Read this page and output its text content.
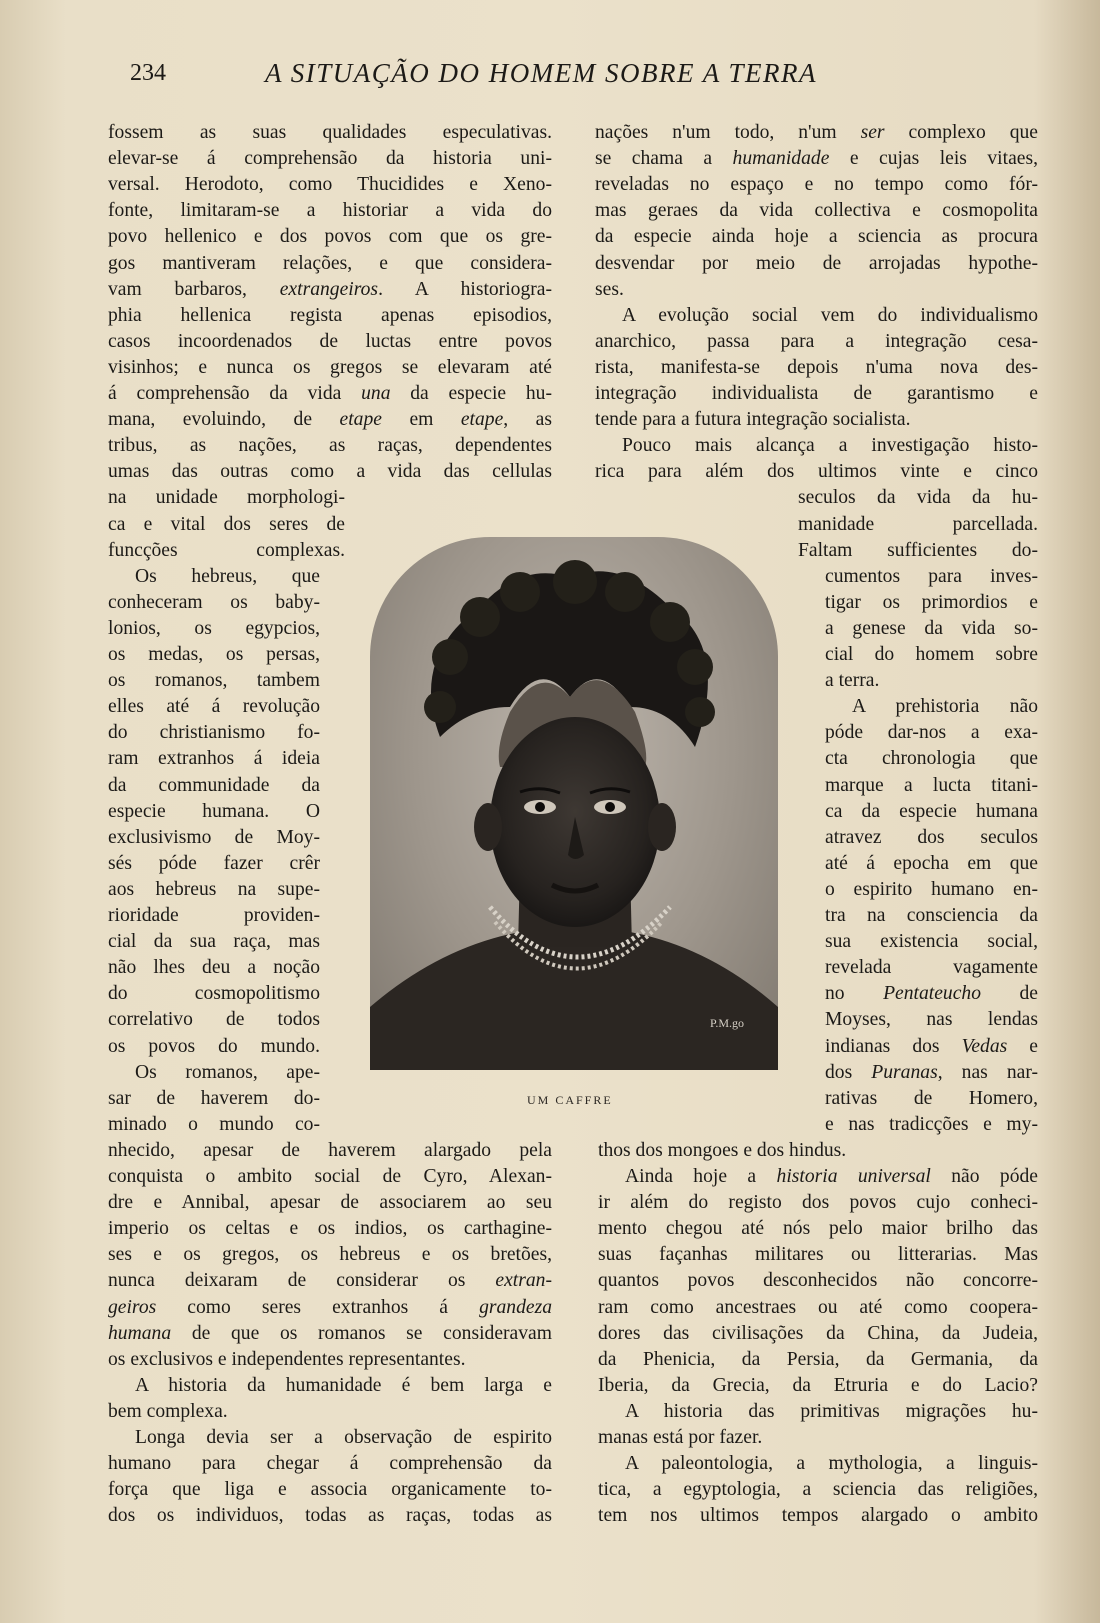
234	A SITUAÇÃO DO HOMEM SOBRE A TERRA
fossem as suas qualidades especulativas.
elevar-se á comprehensão da historia uni-
versal. Herodoto, como Thucidides e Xeno-
fonte, limitaram-se a historiar a vida do
povo hellenico e dos povos com que os gre-
gos mantiveram relações, e que considera-
vam barbaros, extrangeiros. A historiogra-
phia hellenica regista apenas episodios,
casos incoordenados de luctas entre povos
visinhos; e nunca os gregos se elevaram até
á comprehensão da vida una da especie hu-
mana, evoluindo, de etape em etape, as
tribus, as nações, as raças, dependentes
umas das outras como a vida das cellulas
na unidade morphologi-
ca e vital dos seres de
funcções complexas.
Os hebreus, que
conheceram os baby-
lonios, os egypcios,
os medas, os persas,
os romanos, tambem
elles até á revolução
do christianismo fo-
ram extranhos á ideia
da communidade da
especie humana. O
exclusivismo de Moy-
sés póde fazer crêr
aos hebreus na supe-
rioridade providen-
cial da sua raça, mas
não lhes deu a noção
do cosmopolitismo
correlativo de todos
os povos do mundo.
Os romanos, ape-
sar de haverem do-
minado o mundo co-
nhecido, apesar de haverem alargado pela
conquista o ambito social de Cyro, Alexan-
dre e Annibal, apesar de associarem ao seu
imperio os celtas e os indios, os carthagine-
ses e os gregos, os hebreus e os bretões,
nunca deixaram de considerar os extran-
geiros como seres extranhos á grandeza
humana de que os romanos se consideravam
os exclusivos e independentes representantes.
A historia da humanidade é bem larga e
bem complexa.
Longa devia ser a observação de espirito
humano para chegar á comprehensão da
força que liga e associa organicamente to-
dos os individuos, todas as raças, todas as
nações n'um todo, n'um ser complexo que
se chama a humanidade e cujas leis vitaes,
reveladas no espaço e no tempo como fór-
mas geraes da vida collectiva e cosmopolita
da especie ainda hoje a sciencia as procura
desvendar por meio de arrojadas hypothe-
ses.
A evolução social vem do individualismo
anarchico, passa para a integração cesa-
rista, manifesta-se depois n'uma nova des-
integração individualista de garantismo e
tende para a futura integração socialista.
Pouco mais alcança a investigação histo-
rica para além dos ultimos vinte e cinco
seculos da vida da hu-
manidade parcellada.
Faltam sufficientes do-
cumentos para inves-
tigar os primordios e
a genese da vida so-
cial do homem sobre
a terra.
A prehistoria não
póde dar-nos a exa-
cta chronologia que
marque a lucta titani-
ca da especie humana
atravez dos seculos
até á epocha em que
o espirito humano en-
tra na consciencia da
sua existencia social,
revelada vagamente
no Pentateucho de
Moyses, nas lendas
indianas dos Vedas e
dos Puranas, nas nar-
rativas de Homero,
e nas tradicções e my-
thos dos mongoes e dos hindus.
Ainda hoje a historia universal não póde
ir além do registo dos povos cujo conheci-
mento chegou até nós pelo maior brilho das
suas façanhas militares ou litterarias. Mas
quantos povos desconhecidos não concorre-
ram como ancestraes ou até como coopera-
dores das civilisações da China, da Judeia,
da Phenicia, da Persia, da Germania, da
Iberia, da Grecia, da Etruria e do Lacio?
A historia das primitivas migrações hu-
manas está por fazer.
A paleontologia, a mythologia, a linguis-
tica, a egyptologia, a sciencia das religiões,
tem nos ultimos tempos alargado o ambito
P.M.go
UM CAFFRE
